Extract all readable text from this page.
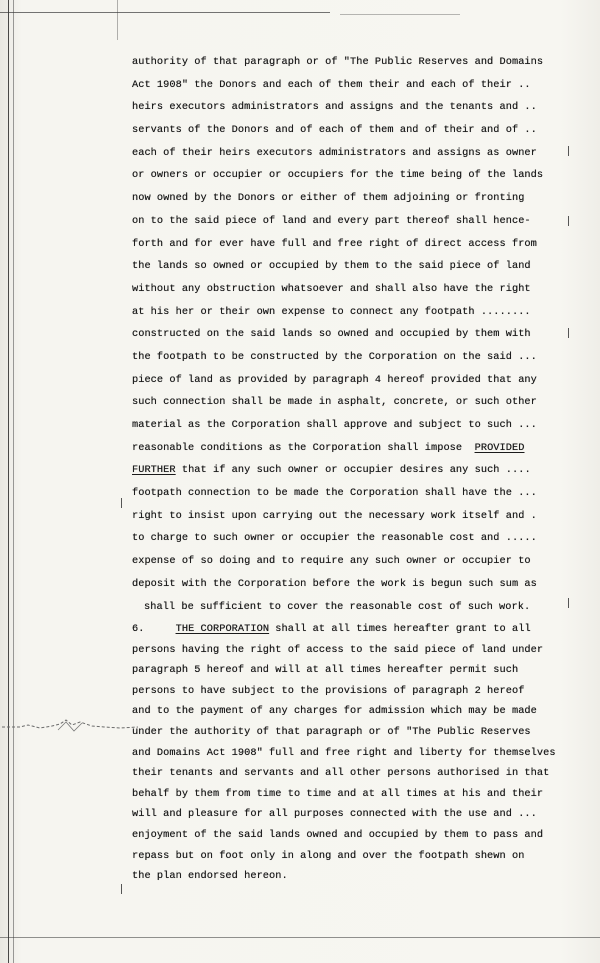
authority of that paragraph or of "The Public Reserves and Domains
Act 1908" the Donors and each of them their and each of their ..
heirs executors administrators and assigns and the tenants and ..
servants of the Donors and of each of them and of their and of ..
each of their heirs executors administrators and assigns as owner
or owners or occupier or occupiers for the time being of the lands
now owned by the Donors or either of them adjoining or fronting
on to the said piece of land and every part thereof shall hence-
forth and for ever have full and free right of direct access from
the lands so owned or occupied by them to the said piece of land
without any obstruction whatsoever and shall also have the right
at his her or their own expense to connect any footpath ........
constructed on the said lands so owned and occupied by them with
the footpath to be constructed by the Corporation on the said ...
piece of land as provided by paragraph 4 hereof provided that any
such connection shall be made in asphalt, concrete, or such other
material as the Corporation shall approve and subject to such ...
reasonable conditions as the Corporation shall impose PROVIDED
FURTHER that if any such owner or occupier desires any such ....
footpath connection to be made the Corporation shall have the ...
right to insist upon carrying out the necessary work itself and .
to charge to such owner or occupier the reasonable cost and .....
expense of so doing and to require any such owner or occupier to
deposit with the Corporation before the work is begun such sum as
shall be sufficient to cover the reasonable cost of such work.
6.	THE CORPORATION shall at all times hereafter grant to all
persons having the right of access to the said piece of land under
paragraph 5 hereof and will at all times hereafter permit such
persons to have subject to the provisions of paragraph 2 hereof
and to the payment of any charges for admission which may be made
under the authority of that paragraph or of "The Public Reserves
and Domains Act 1908" full and free right and liberty for themselves
their tenants and servants and all other persons authorised in that
behalf by them from time to time and at all times at his and their
will and pleasure for all purposes connected with the use and ...
enjoyment of the said lands owned and occupied by them to pass and
repass but on foot only in along and over the footpath shewn on
the plan endorsed hereon.
